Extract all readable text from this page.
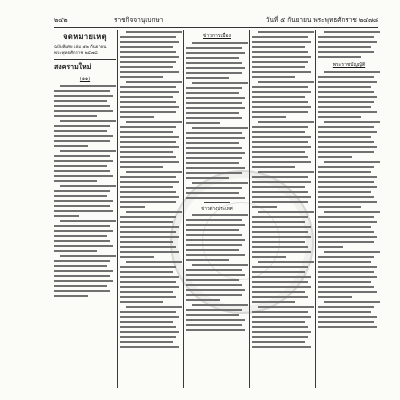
๒๔๒	ราชกิจจานุเบกษา	วันที่ ๕ กันยายน พระพุทธศักราช ๒๔๗๘
จดหมายเหตุ
ฉบับพิเศษ เล่ม ๕๒ กันยายน พระพุทธศักราช ๒๔๗๘
สงครามใหม่
(๑๑)
ข่าวการเมือง
ข่าวต่างประเทศ
พระราชบัญญัติ
